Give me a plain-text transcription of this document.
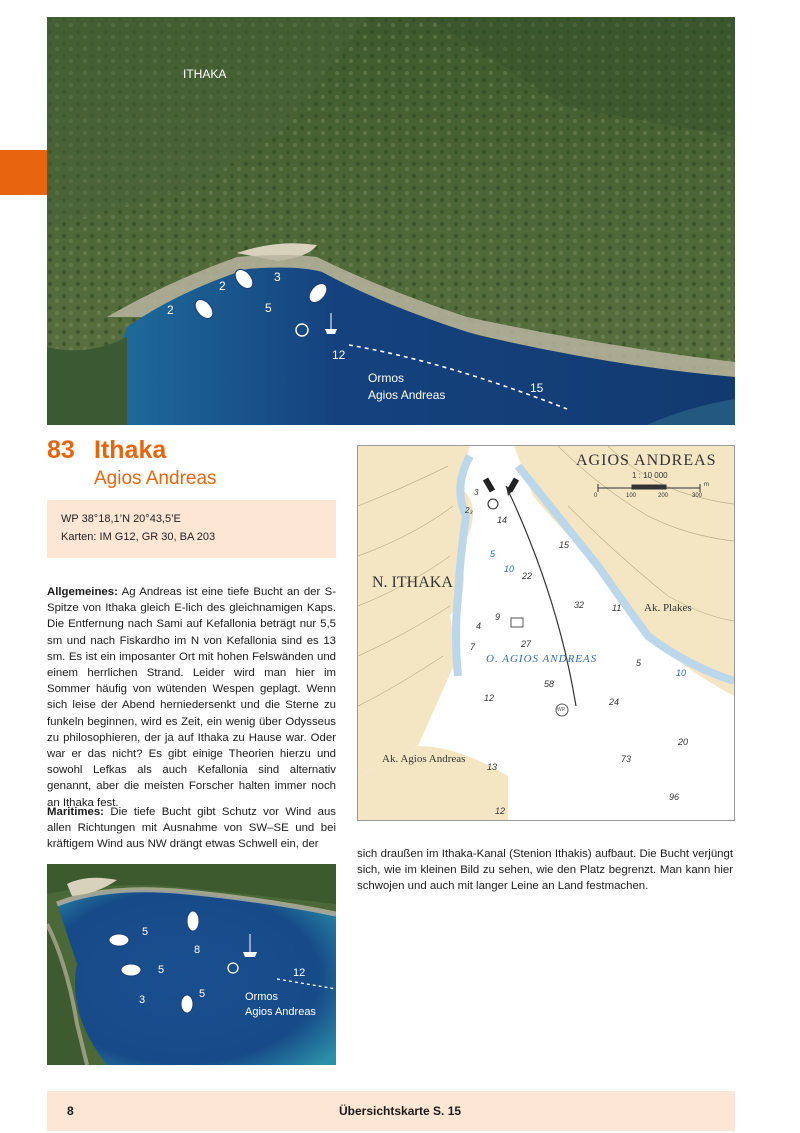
ITHAKA
2
3
2	5
12
15
Ormos
Agios Andreas
83 Ithaka
Agios Andreas
WP 38°18,1’N 20°43,5’E
Karten: IM G12, GR 30, BA 203
Allgemeines: Ag Andreas ist eine tiefe Bucht an der S-Spitze von Ithaka gleich E-lich des gleichnamigen Kaps. Die Entfernung nach Sami auf Kefallonia beträgt nur 5,5 sm und nach Fiskardho im N von Kefallonia sind es 13 sm. Es ist ein imposanter Ort mit hohen Felswänden und einem herrlichen Strand. Leider wird man hier im Sommer häufig von wütenden Wespen geplagt. Wenn sich leise der Abend herniedersenkt und die Sterne zu funkeln beginnen, wird es Zeit, ein wenig über Odysseus zu philosophieren, der ja auf Ithaka zu Hause war. Oder war er das nicht? Es gibt einige Theorien hierzu und sowohl Lefkas als auch Kefallonia sind alternativ genannt, aber die meisten Forscher halten immer noch an Ithaka fest.
Maritimes: Die tiefe Bucht gibt Schutz vor Wind aus allen Richtungen mit Ausnahme von SW–SE und bei kräftigem Wind aus NW drängt etwas Schwell ein, der
AGIOS ANDREAS
1 : 10 000
0	100	200	300
m
N. ITHAKA
O. AGIOS ANDREAS
Ak. Plakes
Ak. Agios Andreas
3
2₃
14
15
5
10
22
32	11
4
9
7	27
5
10
58
12	24
20
13
73
96
12
WP
sich draußen im Ithaka-Kanal (Stenion Ithakis) aufbaut. Die Bucht verjüngt sich, wie im kleinen Bild zu sehen, wie den Platz begrenzt. Man kann hier schwojen und auch mit langer Leine an Land festmachen.
5
8
5
5
3
12
Ormos
Agios Andreas
8	Übersichtskarte S. 15
